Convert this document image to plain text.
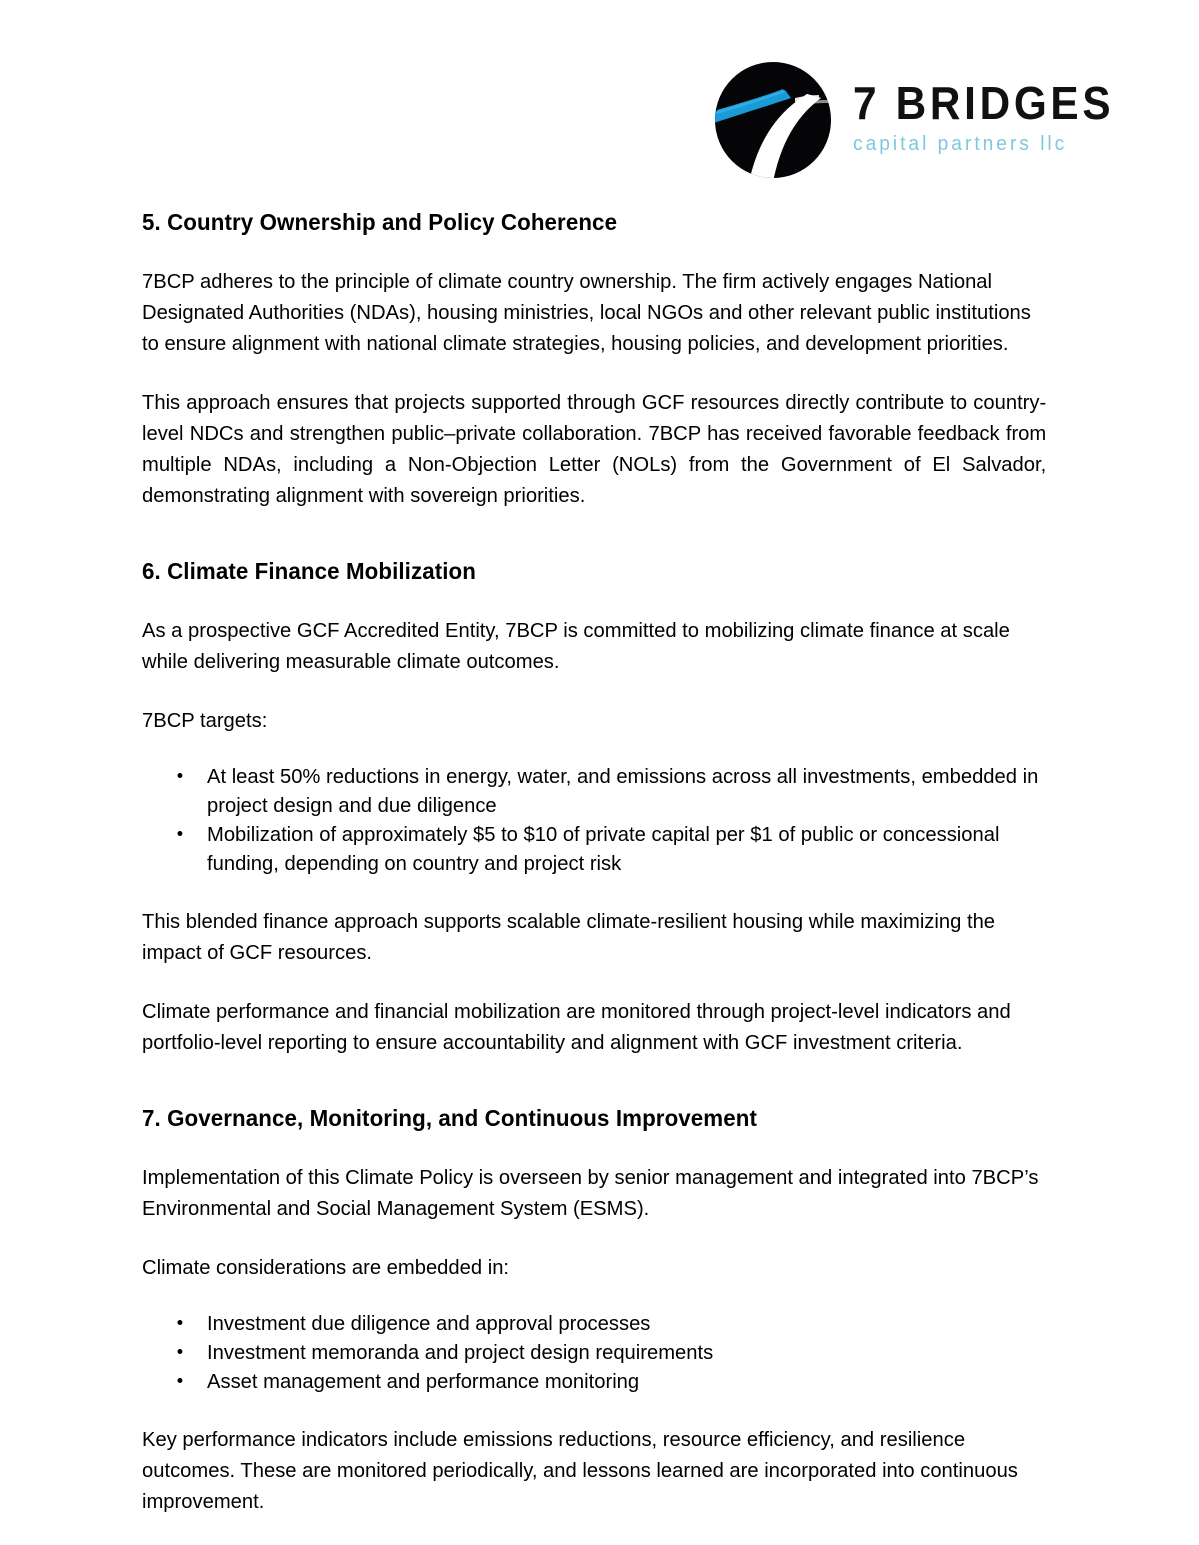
7 BRIDGES
capital partners llc
5. Country Ownership and Policy Coherence

7BCP adheres to the principle of climate country ownership. The firm actively engages National Designated Authorities (NDAs), housing ministries, local NGOs and other relevant public institutions to ensure alignment with national climate strategies, housing policies, and development priorities.

This approach ensures that projects supported through GCF resources directly contribute to country-level NDCs and strengthen public–private collaboration. 7BCP has received favorable feedback from multiple NDAs, including a Non-Objection Letter (NOLs) from the Government of El Salvador, demonstrating alignment with sovereign priorities.

6. Climate Finance Mobilization

As a prospective GCF Accredited Entity, 7BCP is committed to mobilizing climate finance at scale while delivering measurable climate outcomes.

7BCP targets:

At least 50% reductions in energy, water, and emissions across all investments, embedded in project design and due diligence
Mobilization of approximately $5 to $10 of private capital per $1 of public or concessional funding, depending on country and project risk

This blended finance approach supports scalable climate-resilient housing while maximizing the impact of GCF resources.

Climate performance and financial mobilization are monitored through project-level indicators and portfolio-level reporting to ensure accountability and alignment with GCF investment criteria.

7. Governance, Monitoring, and Continuous Improvement

Implementation of this Climate Policy is overseen by senior management and integrated into 7BCP’s Environmental and Social Management System (ESMS).

Climate considerations are embedded in:

Investment due diligence and approval processes
Investment memoranda and project design requirements
Asset management and performance monitoring

Key performance indicators include emissions reductions, resource efficiency, and resilience outcomes. These are monitored periodically, and lessons learned are incorporated into continuous improvement.
